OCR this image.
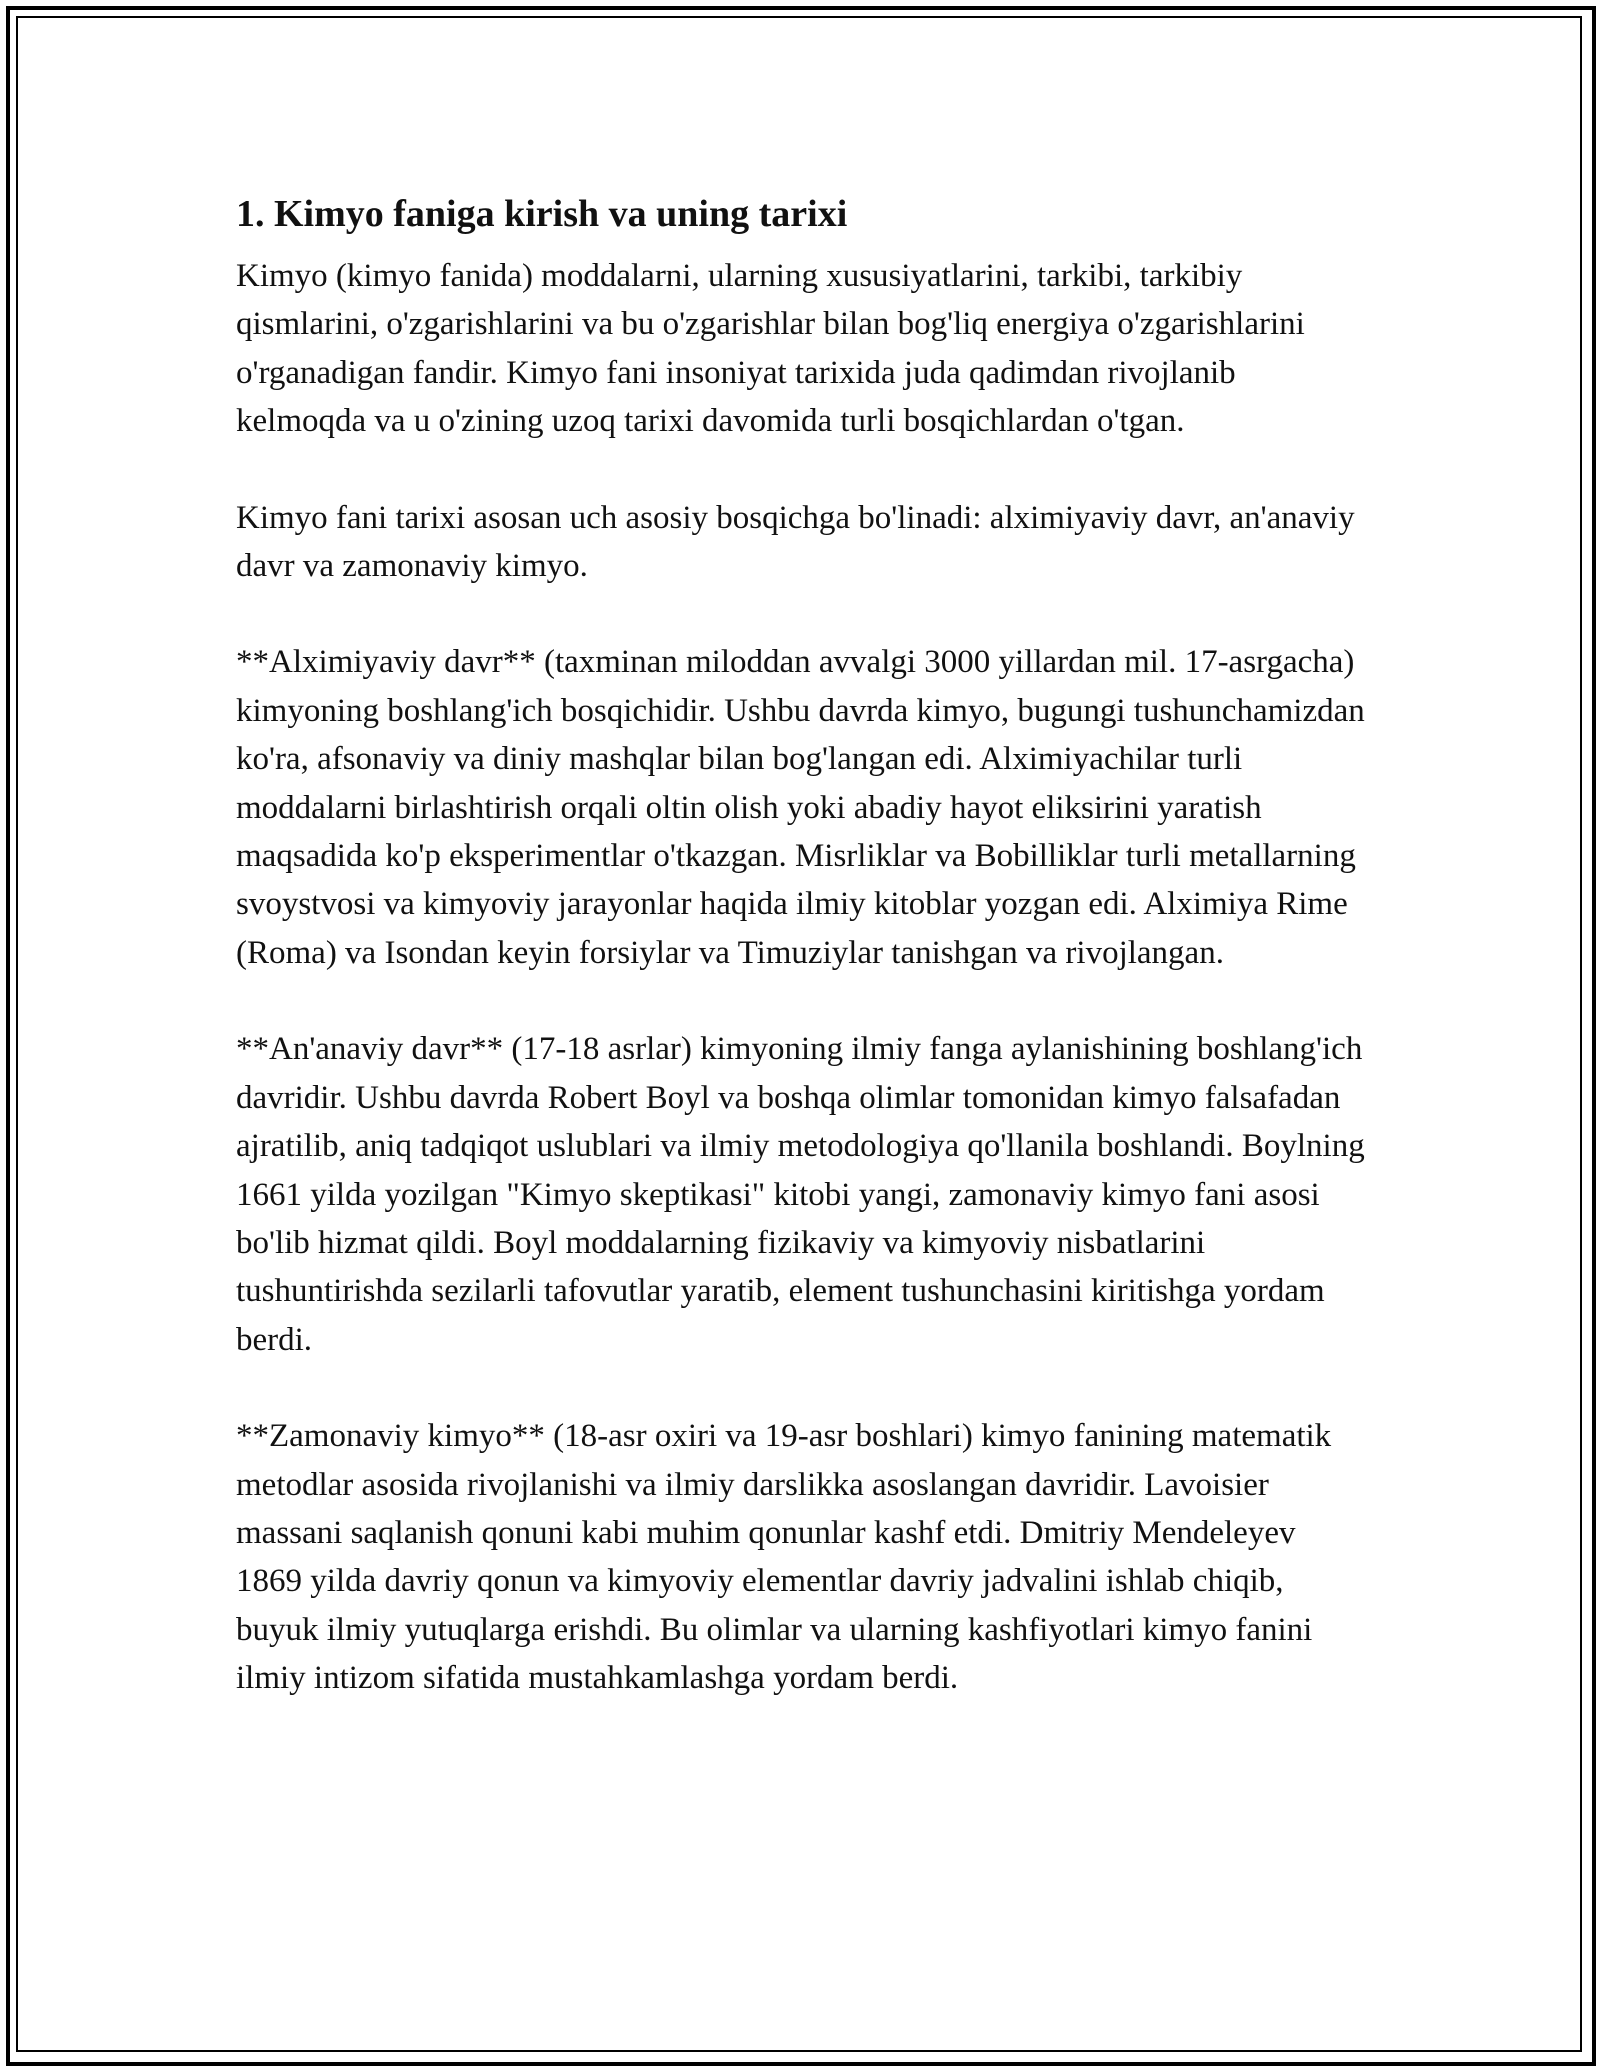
1. Kimyo faniga kirish va uning tarixi

Kimyo (kimyo fanida) moddalarni, ularning xususiyatlarini, tarkibi, tarkibiy qismlarini, o'zgarishlarini va bu o'zgarishlar bilan bog'liq energiya o'zgarishlarini o'rganadigan fandir. Kimyo fani insoniyat tarixida juda qadimdan rivojlanib kelmoqda va u o'zining uzoq tarixi davomida turli bosqichlardan o'tgan.

Kimyo fani tarixi asosan uch asosiy bosqichga bo'linadi: alximiyaviy davr, an'anaviy davr va zamonaviy kimyo.

**Alximiyaviy davr** (taxminan miloddan avvalgi 3000 yillardan mil. 17-asrgacha) kimyoning boshlang'ich bosqichidir. Ushbu davrda kimyo, bugungi tushunchamizdan ko'ra, afsonaviy va diniy mashqlar bilan bog'langan edi. Alximiyachilar turli moddalarni birlashtirish orqali oltin olish yoki abadiy hayot eliksirini yaratish maqsadida ko'p eksperimentlar o'tkazgan. Misrliklar va Bobilliklar turli metallarning svoystvosi va kimyoviy jarayonlar haqida ilmiy kitoblar yozgan edi. Alximiya Rime (Roma) va Isondan keyin forsiylar va Timuziylar tanishgan va rivojlangan.

**An'anaviy davr** (17-18 asrlar) kimyoning ilmiy fanga aylanishining boshlang'ich davridir. Ushbu davrda Robert Boyl va boshqa olimlar tomonidan kimyo falsafadan ajratilib, aniq tadqiqot uslublari va ilmiy metodologiya qo'llanila boshlandi. Boylning 1661 yilda yozilgan "Kimyo skeptikasi" kitobi yangi, zamonaviy kimyo fani asosi bo'lib hizmat qildi. Boyl moddalarning fizikaviy va kimyoviy nisbatlarini tushuntirishda sezilarli tafovutlar yaratib, element tushunchasini kiritishga yordam berdi.

**Zamonaviy kimyo** (18-asr oxiri va 19-asr boshlari) kimyo fanining matematik metodlar asosida rivojlanishi va ilmiy darslikka asoslangan davridir. Lavoisier massani saqlanish qonuni kabi muhim qonunlar kashf etdi. Dmitriy Mendeleyev 1869 yilda davriy qonun va kimyoviy elementlar davriy jadvalini ishlab chiqib, buyuk ilmiy yutuqlarga erishdi. Bu olimlar va ularning kashfiyotlari kimyo fanini ilmiy intizom sifatida mustahkamlashga yordam berdi.
